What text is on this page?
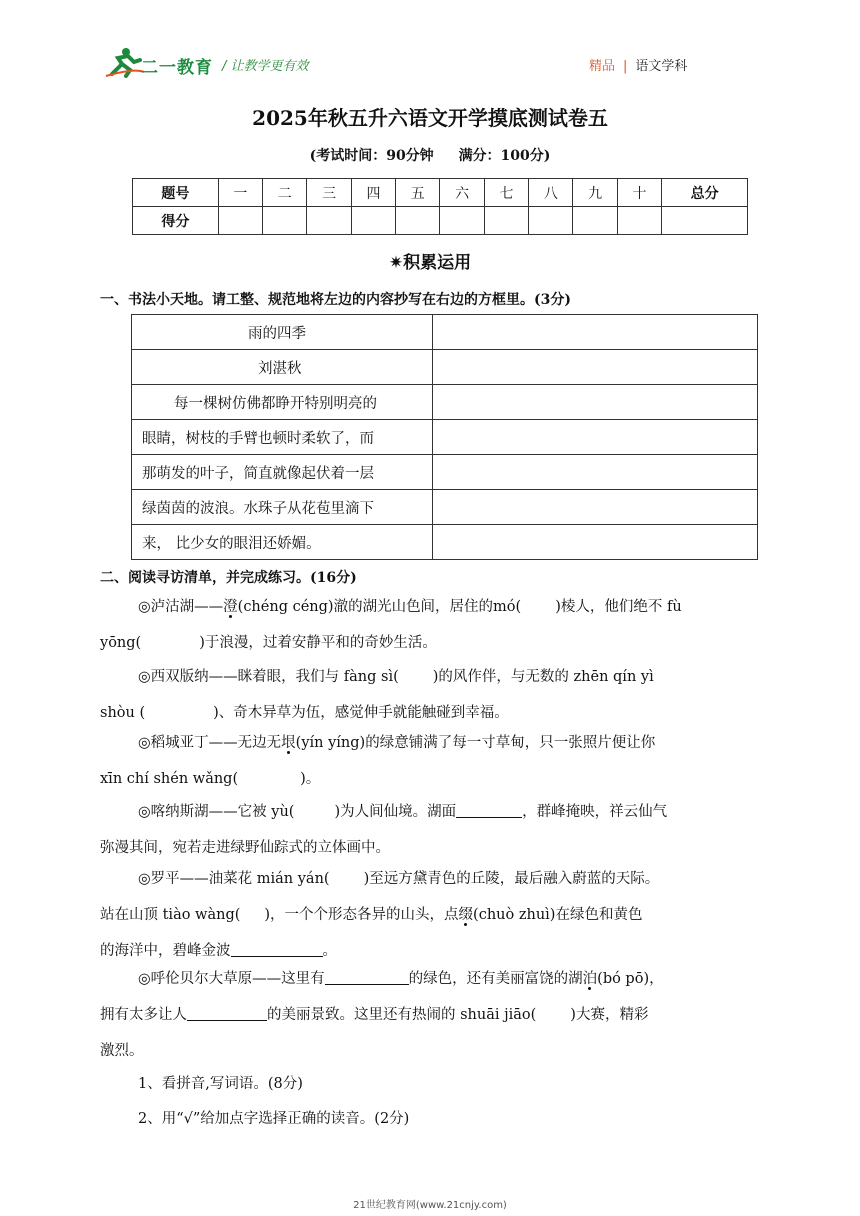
二一教育 / 让教学更有效	精品 | 语文学科
2025年秋五升六语文开学摸底测试卷五
(考试时间：90分钟 满分：100分)
题号	一	二	三	四	五	六	七	八	九	十	总分
得分											
✷积累运用
一、书法小天地。请工整、规范地将左边的内容抄写在右边的方框里。(3分)
雨的四季	
刘湛秋	
每一棵树仿佛都睁开特别明亮的	
眼睛，树枝的手臂也顿时柔软了，而	
那萌发的叶子，简直就像起伏着一层	
绿茵茵的波浪。水珠子从花苞里滴下	
来， 比少女的眼泪还娇媚。	
二、阅读寻访清单，并完成练习。(16分)
◎泸沽湖——澄(chéng céng)澈的湖光山色间，居住的mó( )棱人，他们绝不 fù
yōng(	)于浪漫，过着安静平和的奇妙生活。
◎西双版纳——眯着眼，我们与 fàng sì( )的风作伴，与无数的 zhēn qín yì
shòu (	)、奇木异草为伍，感觉伸手就能触碰到幸福。
◎稻城亚丁——无边无垠(yín yíng)的绿意铺满了每一寸草甸，只一张照片便让你
xīn chí shén wǎng(	)。
◎喀纳斯湖——它被 yù(	)为人间仙境。湖面	，群峰掩映，祥云仙气
弥漫其间，宛若走进绿野仙踪式的立体画中。
◎罗平——油菜花 mián yán( )至远方黛青色的丘陵，最后融入蔚蓝的天际。
站在山顶 tiào wàng( )，一个个形态各异的山头，点缀(chuò zhuì)在绿色和黄色
的海洋中，碧峰金波	。
◎呼伦贝尔大草原——这里有	的绿色，还有美丽富饶的湖泊(bó pō)，
拥有太多让人	的美丽景致。这里还有热闹的 shuāi jiāo( )大赛，精彩
激烈。
1、看拼音,写词语。(8分)
2、用“√”给加点字选择正确的读音。(2分)
21世纪教育网(www.21cnjy.com)
